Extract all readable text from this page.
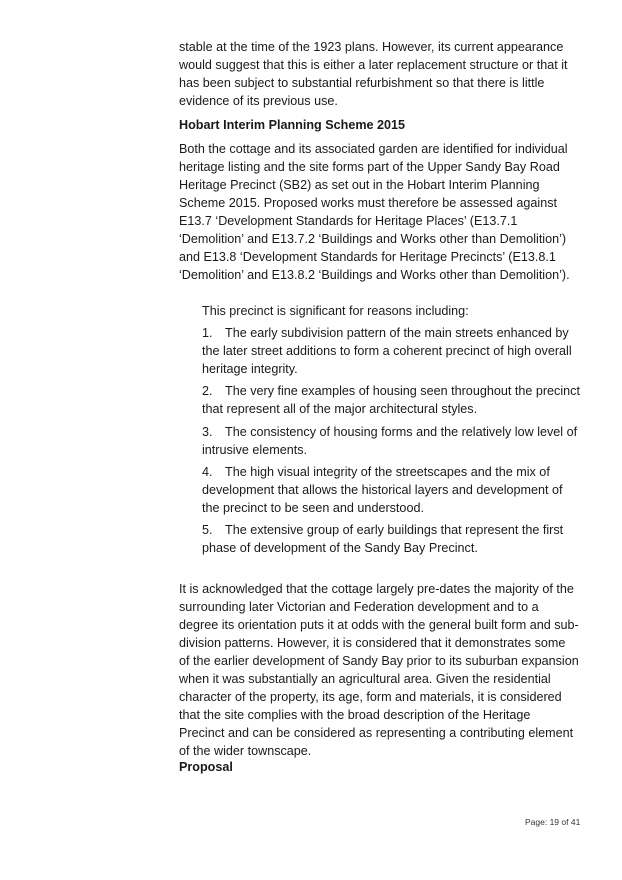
stable at the time of the 1923 plans. However, its current appearance would suggest that this is either a later replacement structure or that it has been subject to substantial refurbishment so that there is little evidence of its previous use.

Hobart Interim Planning Scheme 2015

Both the cottage and its associated garden are identified for individual heritage listing and the site forms part of the Upper Sandy Bay Road Heritage Precinct (SB2) as set out in the Hobart Interim Planning Scheme 2015. Proposed works must therefore be assessed against E13.7 ‘Development Standards for Heritage Places’ (E13.7.1 ‘Demolition’ and E13.7.2 ‘Buildings and Works other than Demolition’) and E13.8 ‘Development Standards for Heritage Precincts’ (E13.8.1 ‘Demolition’ and E13.8.2 ‘Buildings and Works other than Demolition’).

This precinct is significant for reasons including:

1. The early subdivision pattern of the main streets enhanced by the later street additions to form a coherent precinct of high overall heritage integrity.

2. The very fine examples of housing seen throughout the precinct that represent all of the major architectural styles.

3. The consistency of housing forms and the relatively low level of intrusive elements.

4. The high visual integrity of the streetscapes and the mix of development that allows the historical layers and development of the precinct to be seen and understood.

5. The extensive group of early buildings that represent the first phase of development of the Sandy Bay Precinct.

It is acknowledged that the cottage largely pre-dates the majority of the surrounding later Victorian and Federation development and to a degree its orientation puts it at odds with the general built form and sub-division patterns. However, it is considered that it demonstrates some of the earlier development of Sandy Bay prior to its suburban expansion when it was substantially an agricultural area. Given the residential character of the property, its age, form and materials, it is considered that the site complies with the broad description of the Heritage Precinct and can be considered as representing a contributing element of the wider townscape.

Proposal

Page: 19 of 41
